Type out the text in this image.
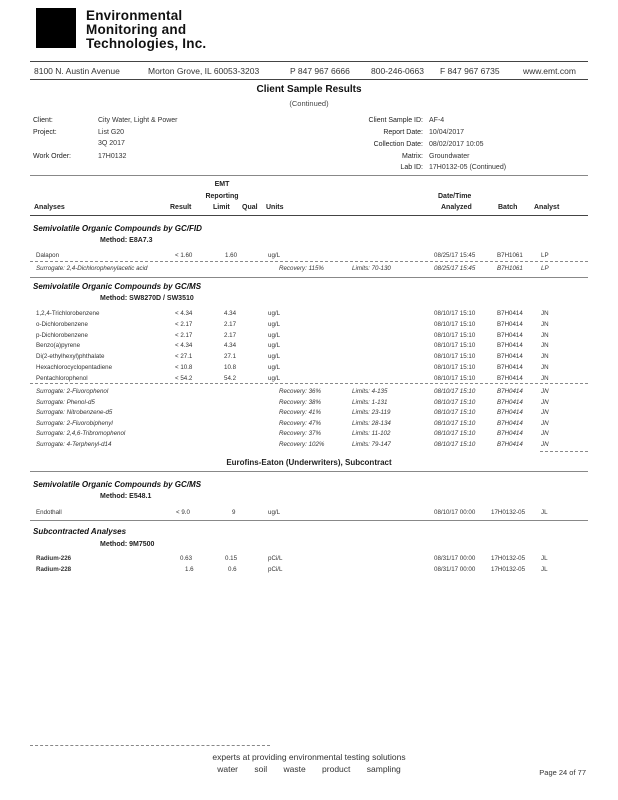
Environmental
Monitoring and
Technologies, Inc.
8100 N. Austin Avenue	Morton Grove, IL 60053-3203	P 847 967 6666 800-246-0663 F 847 967 6735	www.emt.com
Client Sample Results
(Continued)
Client:	City Water, Light & Power
Project:	List G20
3Q 2017
Work Order:	17H0132
Client Sample ID: AF-4
Report Date: 10/04/2017
Collection Date: 08/02/2017 10:05
Matrix: Groundwater
Lab ID: 17H0132-05 (Continued)
EMT
Reporting	Date/Time
Analyses	Result	Limit Qual Units	Analyzed	Batch Analyst
Semivolatile Organic Compounds by GC/FID
Method: E8A7.3
Dalapon	< 1.60	1.60	ug/L	08/25/17 15:45	B7H1061	LP
Surrogate: 2,4-Dichlorophenylacetic acid	Recovery: 115%	Limits: 70-130	08/25/17 15:45	B7H1061	LP
Semivolatile Organic Compounds by GC/MS
Method: SW8270D / SW3510
1,2,4-Trichlorobenzene	< 4.34	4.34	ug/L	08/10/17 15:10	B7H0414	JN
o-Dichlorobenzene	< 2.17	2.17	ug/L	08/10/17 15:10	B7H0414	JN
p-Dichlorobenzene	< 2.17	2.17	ug/L	08/10/17 15:10	B7H0414	JN
Benzo(a)pyrene	< 4.34	4.34	ug/L	08/10/17 15:10	B7H0414	JN
Di(2-ethylhexyl)phthalate	< 27.1	27.1	ug/L	08/10/17 15:10	B7H0414	JN
Hexachlorocyclopentadiene	< 10.8	10.8	ug/L	08/10/17 15:10	B7H0414	JN
Pentachlorophenol	< 54.2	54.2	ug/L	08/10/17 15:10	B7H0414	JN
Surrogate: 2-Fluorophenol	Recovery: 36%	Limits: 4-135	08/10/17 15:10	B7H0414	JN
Surrogate: Phenol-d5	Recovery: 38%	Limits: 1-131	08/10/17 15:10	B7H0414	JN
Surrogate: Nitrobenzene-d5	Recovery: 41%	Limits: 23-119	08/10/17 15:10	B7H0414	JN
Surrogate: 2-Fluorobiphenyl	Recovery: 47%	Limits: 28-134	08/10/17 15:10	B7H0414	JN
Surrogate: 2,4,6-Tribromophenol	Recovery: 37%	Limits: 11-102	08/10/17 15:10	B7H0414	JN
Surrogate: 4-Terphenyl-d14	Recovery: 102%	Limits: 79-147	08/10/17 15:10	B7H0414	JN
Eurofins-Eaton (Underwriters), Subcontract
Semivolatile Organic Compounds by GC/MS
Method: E548.1
Endothall	< 9.0	9	ug/L	08/10/17 00:00	17H0132-05	JL
Subcontracted Analyses
Method: 9M7500
Radium-226	0.63	0.15	pCi/L	08/31/17 00:00	17H0132-05	JL
Radium-228	1.6	0.6	pCi/L	08/31/17 00:00	17H0132-05	JL
experts at providing environmental testing solutions
water soil waste product sampling	Page 24 of 77
